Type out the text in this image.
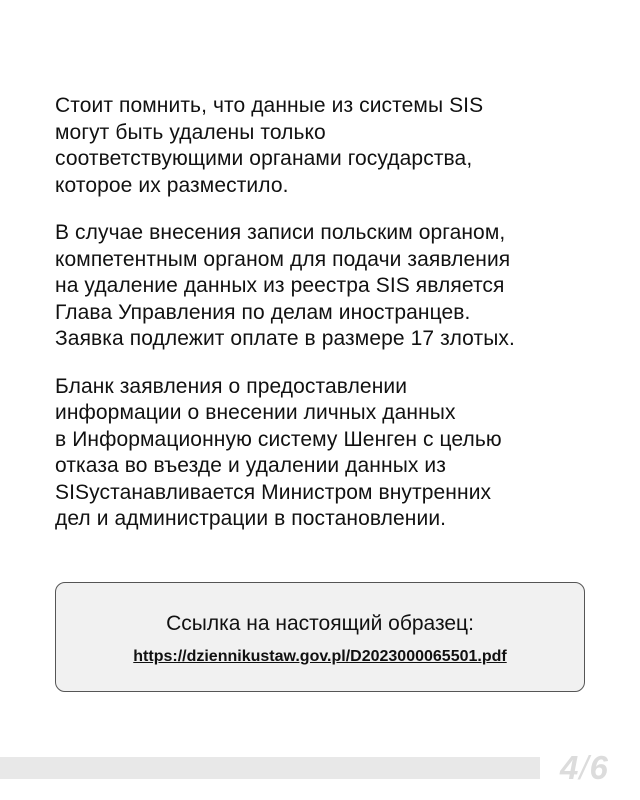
Стоит помнить, что данные из системы SIS
могут быть удалены только
соответствующими органами государства,
которое их разместило.

В случае внесения записи польским органом,
компетентным органом для подачи заявления
на удаление данных из реестра SIS является
Глава Управления по делам иностранцев.
Заявка подлежит оплате в размере 17 злотых.

Бланк заявления о предоставлении
информации о внесении личных данных
в Информационную систему Шенген с целью
отказа во въезде и удалении данных из
SISустанавливается Министром внутренних
дел и администрации в постановлении.

Ссылка на настоящий образец:
https://dziennikustaw.gov.pl/D2023000065501.pdf
4/6
